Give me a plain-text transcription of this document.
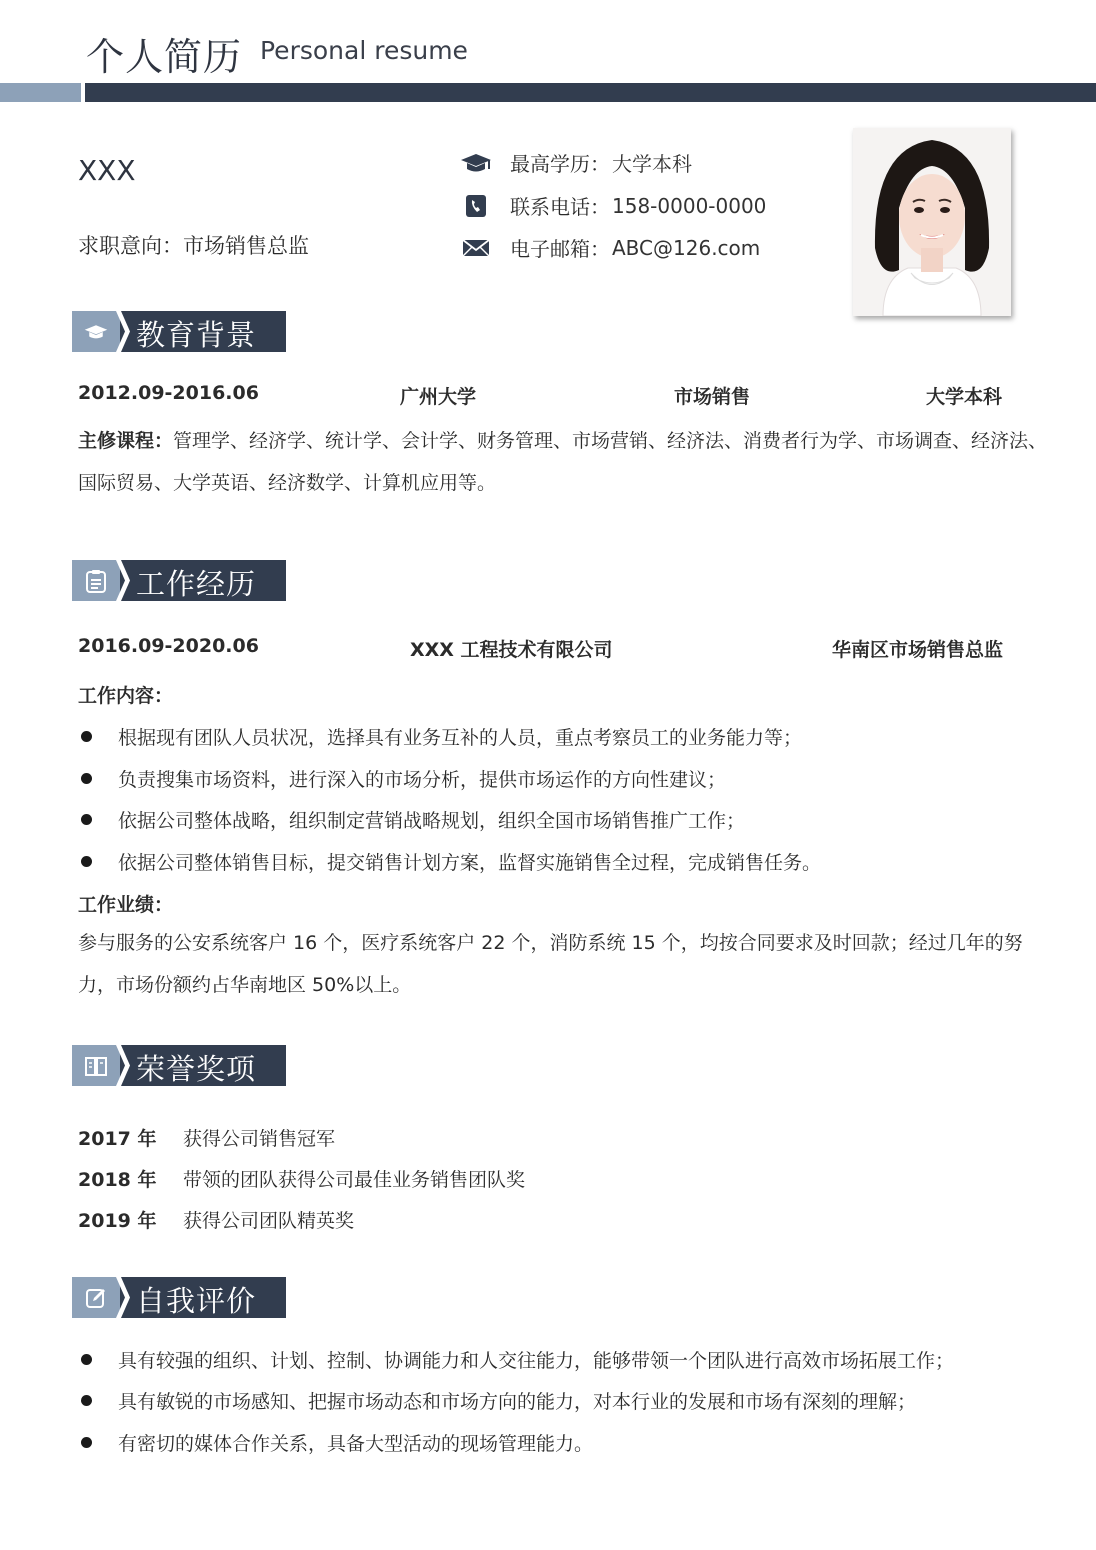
个人简历 Personal resume
XXX
求职意向：市场销售总监
最高学历： 大学本科
联系电话： 158-0000-0000
电子邮箱： ABC@126.com
教育背景
2012.09-2016.06	广州大学	市场销售	大学本科
主修课程：管理学、经济学、统计学、会计学、财务管理、市场营销、经济法、消费者行为学、市场调查、经济法、国际贸易、大学英语、经济数学、计算机应用等。
工作经历
2016.09-2020.06	XXX 工程技术有限公司	华南区市场销售总监
工作内容：
根据现有团队人员状况，选择具有业务互补的人员，重点考察员工的业务能力等；
负责搜集市场资料，进行深入的市场分析，提供市场运作的方向性建议；
依据公司整体战略，组织制定营销战略规划，组织全国市场销售推广工作；
依据公司整体销售目标，提交销售计划方案，监督实施销售全过程，完成销售任务。
工作业绩：
参与服务的公安系统客户 16 个，医疗系统客户 22 个，消防系统 15 个，均按合同要求及时回款；经过几年的努力，市场份额约占华南地区 50%以上。
荣誉奖项
2017 年 获得公司销售冠军
2018 年 带领的团队获得公司最佳业务销售团队奖
2019 年 获得公司团队精英奖
自我评价
具有较强的组织、计划、控制、协调能力和人交往能力，能够带领一个团队进行高效市场拓展工作；
具有敏锐的市场感知、把握市场动态和市场方向的能力，对本行业的发展和市场有深刻的理解；
有密切的媒体合作关系，具备大型活动的现场管理能力。
